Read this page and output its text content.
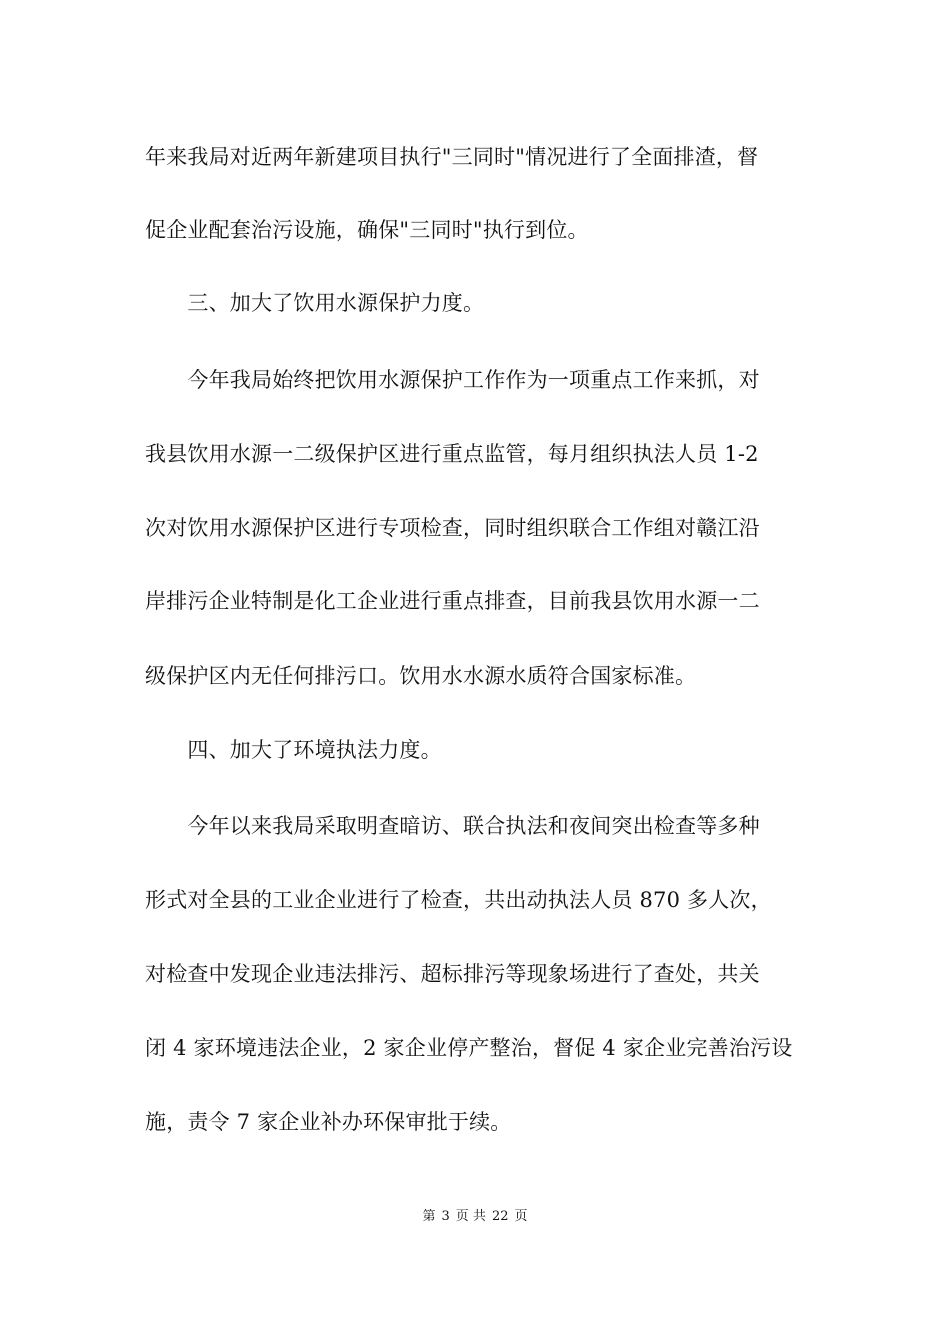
年来我局对近两年新建项目执行"三同时"情况进行了全面排渣，督
促企业配套治污设施，确保"三同时"执行到位。
　　三、加大了饮用水源保护力度。
　　今年我局始终把饮用水源保护工作作为一项重点工作来抓，对
我县饮用水源一二级保护区进行重点监管，每月组织执法人员 1-2
次对饮用水源保护区进行专项检查，同时组织联合工作组对赣江沿
岸排污企业特制是化工企业进行重点排查，目前我县饮用水源一二
级保护区内无任何排污口。饮用水水源水质符合国家标准。
　　四、加大了环境执法力度。
　　今年以来我局采取明查暗访、联合执法和夜间突出检查等多种
形式对全县的工业企业进行了检查，共出动执法人员 870 多人次，
对检查中发现企业违法排污、超标排污等现象场进行了查处，共关
闭 4 家环境违法企业，2 家企业停产整治，督促 4 家企业完善治污设
施，责令 7 家企业补办环保审批于续。
第 3 页 共 22 页
